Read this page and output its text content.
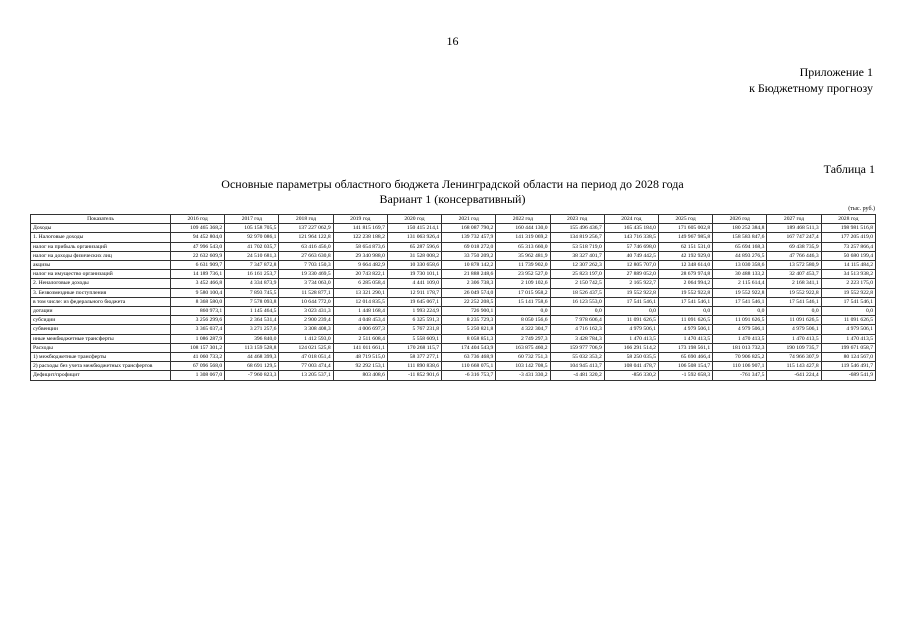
16
Приложение 1
к Бюджетному прогнозу
Таблица 1
Основные параметры областного бюджета Ленинградской области на период до 2028 года
Вариант 1 (консервативный)
(тыс. руб.)
Показатель	2016 год	2017 год	2018 год	2019 год	2020 год	2021 год	2022 год	2023 год	2024 год	2025 год	2026 год	2027 год	2028 год
Доходы	109 465 368,2	105 158 705,5	137 227 062,9	141 815 169,7	150 415 214,1	168 087 790,2	160 444 130,0	155 496 436,7	165 435 184,0	171 605 002,8	180 252 384,8	189 468 511,3	198 981 516,8
1. Налоговые доходы	94 452 804,0	92 970 086,1	121 964 122,8	122 238 188,2	131 063 926,4	139 732 457,9	141 319 069,2	134 819 256,7	143 716 338,5	149 967 985,8	158 583 847,6	167 747 247,4	177 205 419,0
налог на прибыль организаций	47 996 543,0	41 702 035,7	63 416 456,0	58 654 873,6	65 287 596,6	69 018 272,0	65 313 660,0	53 518 719,0	57 746 698,0	62 151 531,0	65 694 168,3	69 438 735,9	73 257 866,4
налог на доходы физических лиц	22 632 609,9	24 510 681,3	27 663 630,8	29 340 988,0	31 528 008,2	33 750 209,2	35 962 481,9	38 327 401,7	40 749 442,5	42 192 929,0	44 893 276,5	47 766 446,3	50 680 199,4
акцизы	6 631 909,7	7 347 872,8	7 703 150,3	9 664 482,9	10 330 658,6	10 878 142,2	11 739 902,0	12 307 262,3	12 805 707,0	12 348 614,0	13 030 358,6	13 572 580,9	14 115 484,2
налог на имущество организаций	14 189 736,1	16 161 253,7	19 330 469,5	20 743 822,1	19 730 101,1	21 888 248,6	23 952 527,0	25 823 197,0	27 889 052,0	28 679 974,8	30 488 133,2	32 407 453,7	34 513 938,2
2. Неналоговые доходы	3 452 466,8	4 334 873,9	3 734 063,0	6 285 058,4	4 441 109,0	2 306 738,3	2 109 102,6	2 150 742,5	2 165 922,7	2 064 994,2	2 115 614,4	2 168 341,1	2 223 175,0
3. Безвозмездные поступления	9 580 100,4	7 893 745,5	11 528 877,1	13 321 290,1	12 911 178,7	26 049 574,0	17 015 958,2	18 526 437,5	19 552 922,8	19 552 922,8	19 552 922,8	19 552 922,8	19 552 922,8
в том числе: из федерального бюджета	8 368 580,0	7 578 093,8	10 644 772,0	12 014 835,5	19 645 067,1	22 252 208,5	15 141 758,6	16 123 553,0	17 541 546,1	17 541 546,1	17 541 546,1	17 541 546,1	17 541 546,1
дотации	860 973,1	1 145 464,5	3 023 431,3	1 448 168,4	1 993 224,9	726 900,1	0,0	0,0	0,0	0,0	0,0	0,0	0,0
субсидии	3 256 299,6	2 364 531,4	2 900 239,4	4 048 453,4	6 325 591,3	8 235 729,3	8 050 156,6	7 978 606,4	11 091 626,5	11 091 626,5	11 091 626,5	11 091 626,5	11 091 626,5
субвенции	3 365 037,4	3 271 257,6	3 308 408,3	4 006 697,3	5 767 231,8	5 250 821,8	4 322 304,7	4 716 162,3	4 979 506,1	4 979 506,1	4 979 506,1	4 979 506,1	4 979 506,1
иные межбюджетные трансферты	1 086 287,9	396 840,0	1 412 593,0	2 511 608,4	5 558 609,1	8 058 851,3	2 749 297,3	3 428 784,3	1 470 413,5	1 470 413,5	1 470 413,5	1 470 413,5	1 470 413,5
Расходы	108 157 301,2	113 159 528,8	124 021 525,8	141 011 661,1	170 268 115,7	174 404 543,9	163 875 460,2	159 977 706,9	166 291 514,2	173 198 561,1	181 013 732,3	190 109 735,7	199 671 058,7
1) межбюджетные трансферты	41 060 733,2	44 468 399,3	47 018 051,4	48 719 515,0	58 377 277,1	63 736 468,9	60 732 751,3	55 032 353,2	58 250 035,5	65 690 466,4	70 906 825,2	74 966 307,9	80 124 567,0
2) расходы без учета межбюджетных трансфертов	67 096 568,0	68 691 129,5	77 003 474,4	92 292 153,1	111 890 838,6	110 668 075,1	103 142 708,5	104 945 413,7	108 041 478,7	106 508 154,7	110 106 907,1	115 143 427,8	119 546 491,7
Дефицит/профицит	1 308 067,0	-7 960 823,3	13 205 537,1	803 408,6	-11 852 901,6	-6 316 753,7	-3 431 330,2	-4 481 320,2	-856 330,2	-1 592 658,3	-761 347,5	-641 224,4	-689 541,9
